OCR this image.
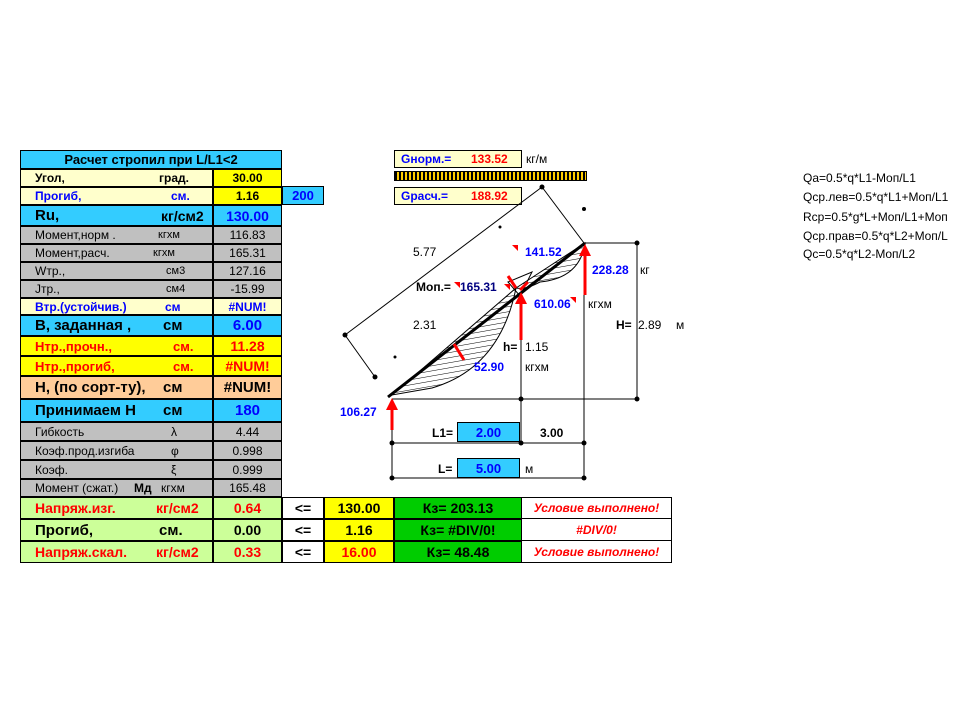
Расчет стропил при L/L1<2
Угол,	град.	30.00
Прогиб,	см.	1.16	200
Ru,	кг/см2 130.00
Момент,норм .	кгхм	116.83
Момент,расч.	кгхм	165.31
Wтр.,	см3	127.16
Jтр.,	см4	-15.99
Втр.(устойчив.)	см	#NUM!
В, заданная , см	6.00
Нтр.,прочн.,	см.	11.28
Нтр.,прогиб,	см. #NUM!
Н, (по сорт-ту), см	#NUM!
Принимаем Н см	180
Гибкость	λ	4.44
Коэф.прод.изгиба	φ	0.998
Коэф.	ξ	0.999
Момент (сжат.) Мд кгхм	165.48
Напряж.изг.	кг/см2	0.64 <= 130.00	Кз= 203.13	Условие выполнено!
Прогиб,	см.	0.00 <= 1.16	Кз= #DIV/0!	#DIV/0!
Напряж.скал. кг/см2	0.33 <= 16.00	Кз= 48.48	Условие выполнено!
Gнорм.= 133.52 кг/м
Gрасч.= 188.92
5.77
2.31
141.52
228.28 кг
Моп.= 165.31
610.06 кгхм
Н= 2.89 м
h= 1.15
52.90 кгхм
106.27
L1= 2.00	3.00
L= 5.00 м
Qa=0.5*q*L1-Mоп/L1
Qср.лев=0.5*q*L1+Mоп/L1
Rср=0.5*g*L+Mоп/L1+Mоп
Qср.прав=0.5*q*L2+Mоп/L
Qс=0.5*q*L2-Mоп/L2
